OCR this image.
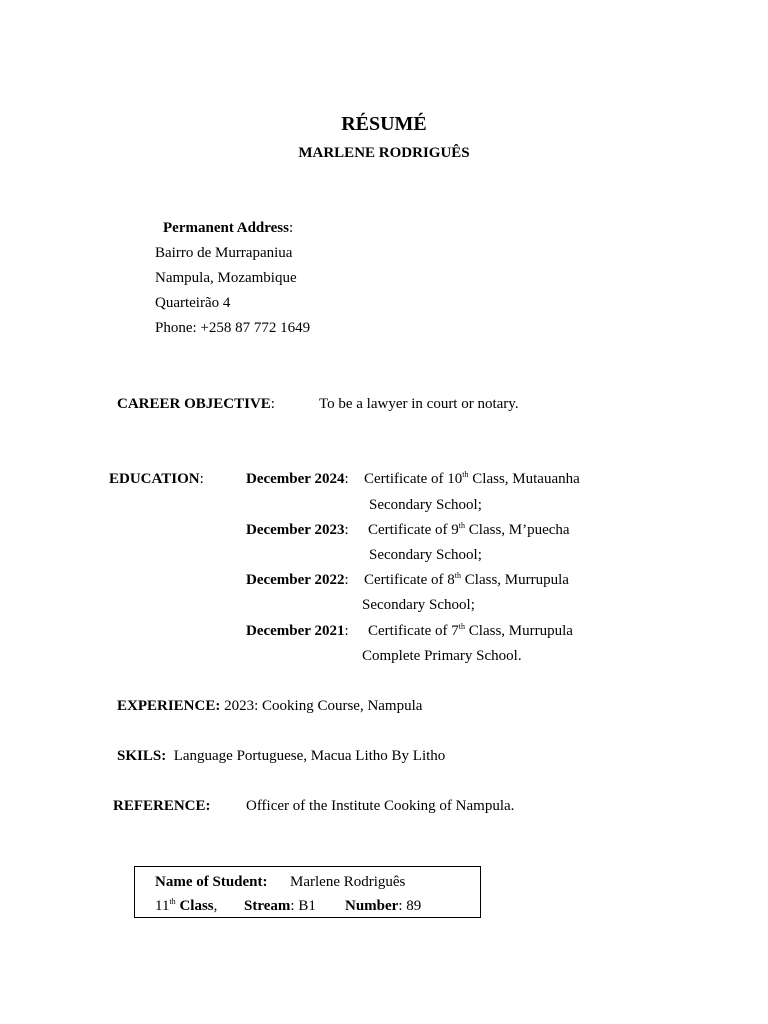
RÉSUMÉ
MARLENE RODRIGUÊS
Permanent Address:
Bairro de Murrapaniua
Nampula, Mozambique
Quarteirão 4
Phone: +258 87 772 1649
CAREER OBJECTIVE:	To be a lawyer in court or notary.
EDUCATION:	December 2024: Certificate of 10th Class, Mutauanha
Secondary School;
December 2023: Certificate of 9th Class, M’puecha
Secondary School;
December 2022: Certificate of 8th Class, Murrupula
Secondary School;
December 2021: Certificate of 7th Class, Murrupula
Complete Primary School.
EXPERIENCE: 2023: Cooking Course, Nampula
SKILS: Language Portuguese, Macua Litho By Litho
REFERENCE: Officer of the Institute Cooking of Nampula.
Name of Student: Marlene Rodriguês
11th Class, Stream: B1 Number: 89
